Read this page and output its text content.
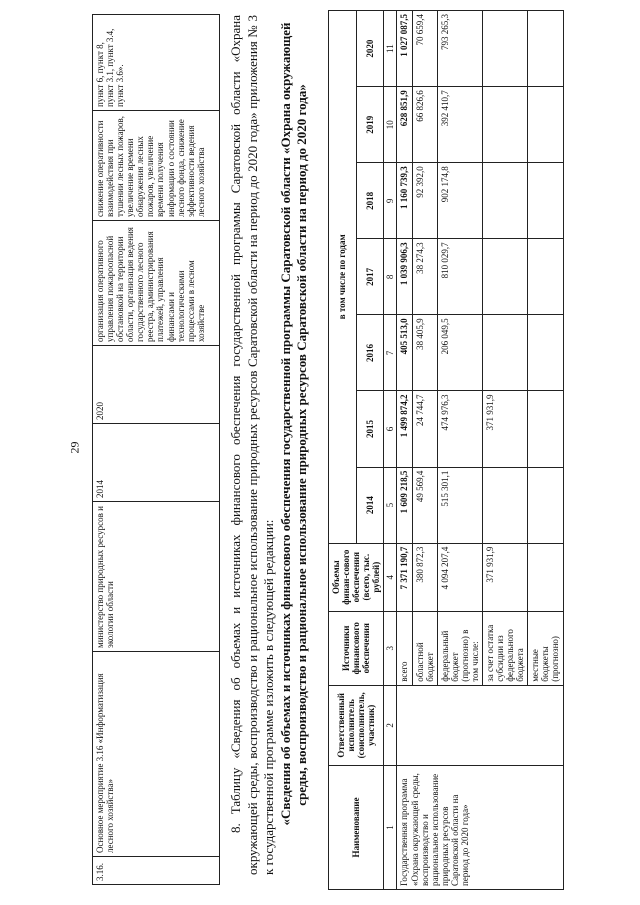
29
3.16.	Основное мероприятие 3.16 «Информатизация лесного хозяйства»	министерство природных ресурсов и экологии области	2014	2020	организация оперативного управления пожароопасной обстановкой на территории области, организация ведения государственного лесного реестра, администрирования платежей, управления финансами и технологическими процессами в лесном хозяйстве	снижение оперативности взаимодействия при тушении лесных пожаров, увеличение времени обнаружения лесных пожаров, увеличение времени получения информации о состоянии лесного фонда, снижение эффективности ведения лесного хозяйства	пункт 6, пункт 8, пункт 3.1, пункт 3.4, пункт 3.6».	8. Таблицу «Сведения об объемах и источниках финансового обеспечения государственной программы Саратовской области «Охрана окружающей среды, воспроизводство и рациональное использование природных ресурсов Саратовской области на период до 2020 года» приложения № 3 к государственной программе изложить в следующей редакции: «Сведения об объемах и источниках финансового обеспечения государственной программы Саратовской области «Охрана окружающей среды, воспроизводство и рациональное использование природных ресурсов Саратовской области на период до 2020 года»

Наименование	Ответственный исполнитель (соисполнитель, участник)	Источники финансового обеспечения	Объемы финан-сового обеспечения (всего, тыс. рублей)	в том числе по годам						
				2014	2015	2016	2017	2018	2019	2020
1	2	3	4	5	6	7	8	9	10	11
Государственная программа «Охрана окружающей среды, воспроизводство и рациональное использование природных ресурсов Саратовской области на период до 2020 года»		всего	7 371 190,7	1 609 218,5	1 499 874,2	405 513,0	1 039 906,3	1 160 739,3	628 851,9	1 027 087,5
		областной бюджет	380 872,3	49 569,4	24 744,7	38 405,9	38 274,3	92 392,0	66 826,6	70 659,4
		федеральный бюджет (прогнозно) в том числе:	4 094 207,4	515 301,1	474 976,3	206 049,5	810 029,7	902 174,8	392 410,7	793 265,3
		за счет остатка субсидии из федерального бюджета	371 931,9		371 931,9					
		местные бюджеты (прогнозно)								
